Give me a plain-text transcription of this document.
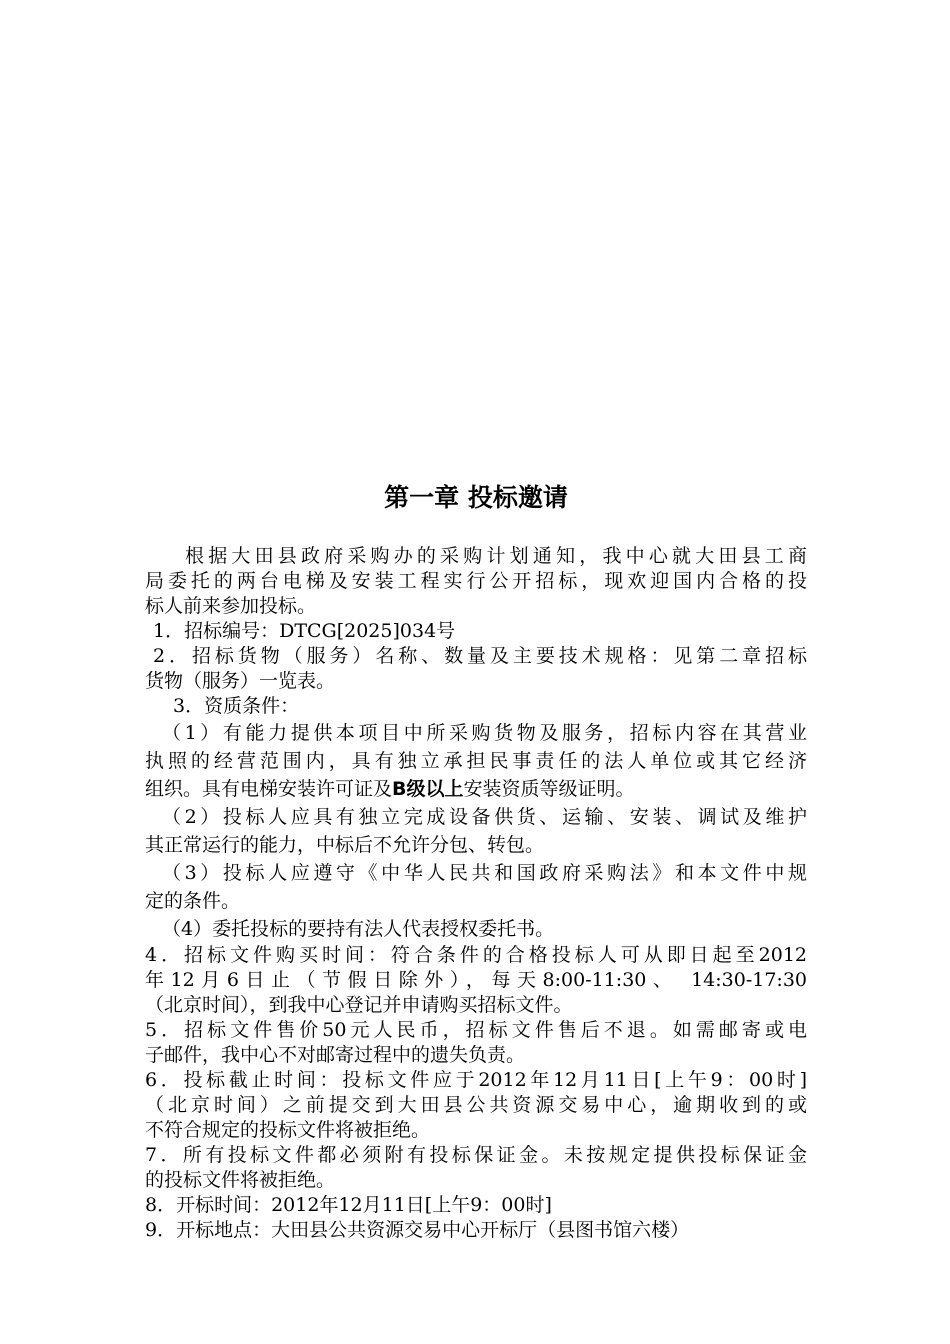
第一章 投标邀请
根据大田县政府采购办的采购计划通知，我中心就大田县工商
局委托的两台电梯及安装工程实行公开招标，现欢迎国内合格的投
标人前来参加投标。
1．招标编号：DTCG[2025]034号
2．招标货物（服务）名称、数量及主要技术规格：见第二章招标
货物（服务）一览表。
3．资质条件：
（1）有能力提供本项目中所采购货物及服务，招标内容在其营业
执照的经营范围内，具有独立承担民事责任的法人单位或其它经济
组织。具有电梯安装许可证及B级以上安装资质等级证明。
（2）投标人应具有独立完成设备供货、运输、安装、调试及维护
其正常运行的能力，中标后不允许分包、转包。
（3）投标人应遵守《中华人民共和国政府采购法》和本文件中规
定的条件。
（4）委托投标的要持有法人代表授权委托书。
4．招标文件购买时间：符合条件的合格投标人可从即日起至2012
年12月6日止（节假日除外），每天8:00-11:30、 14:30-17:30
（北京时间），到我中心登记并申请购买招标文件。
5．招标文件售价50元人民币，招标文件售后不退。如需邮寄或电
子邮件，我中心不对邮寄过程中的遗失负责。
6．投标截止时间：投标文件应于2012年12月11日[上午9：00时]
（北京时间）之前提交到大田县公共资源交易中心，逾期收到的或
不符合规定的投标文件将被拒绝。
7．所有投标文件都必须附有投标保证金。未按规定提供投标保证金
的投标文件将被拒绝。
8．开标时间：2012年12月11日[上午9：00时]
9．开标地点：大田县公共资源交易中心开标厅（县图书馆六楼）
